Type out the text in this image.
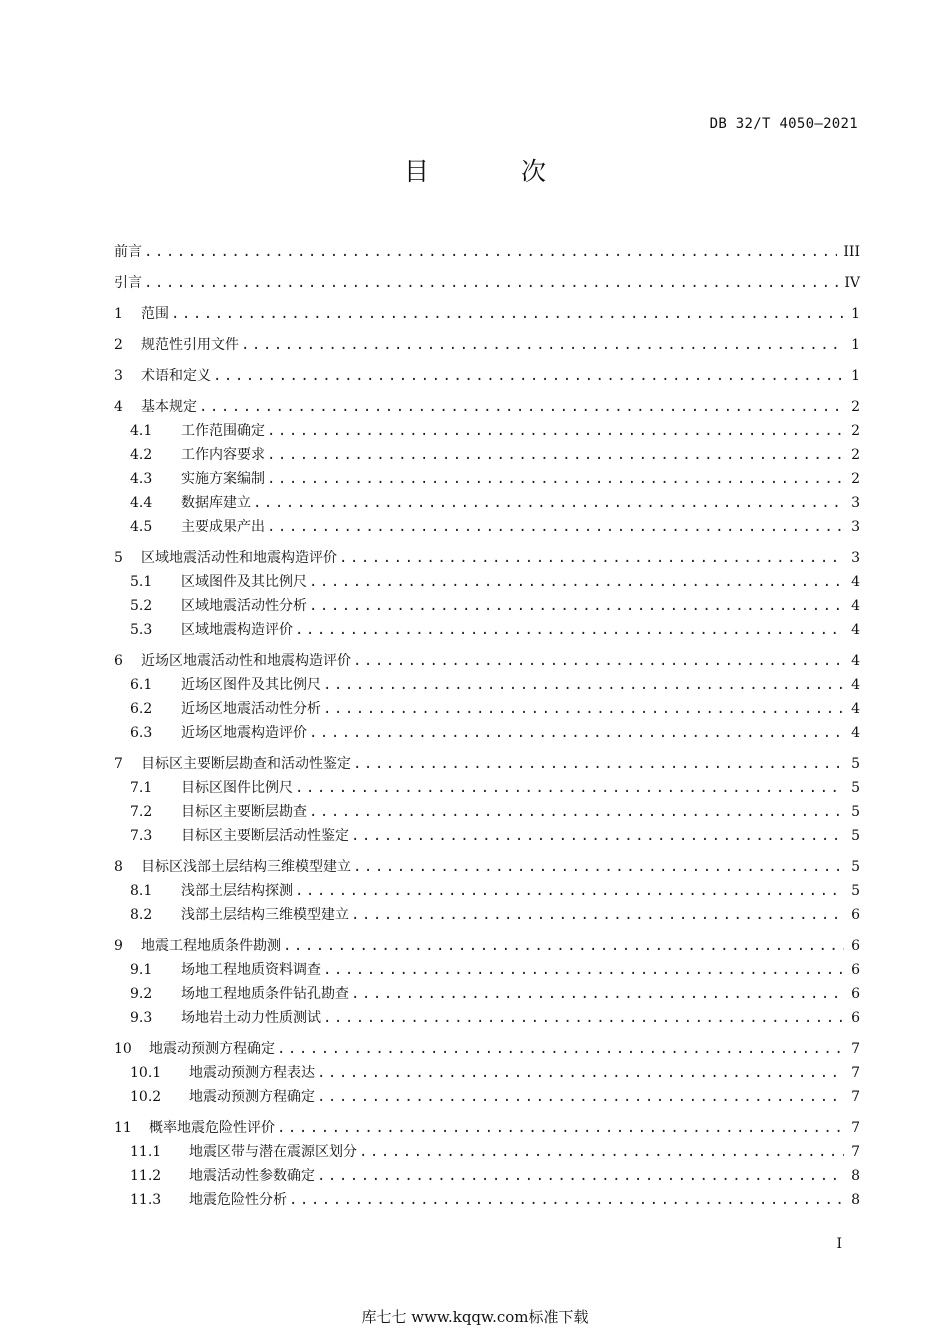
DB 32/T 4050—2021
目 次
前言 .....	III
引言 .....	IV
1	范围 .....	1
2	规范性引用文件 .....	1
3	术语和定义 .....	1
4	基本规定 .....	2
4.1	工作范围确定 .....	2
4.2	工作内容要求 .....	2
4.3	实施方案编制 .....	2
4.4	数据库建立 .....	3
4.5	主要成果产出 .....	3
5	区域地震活动性和地震构造评价 .....	3
5.1	区域图件及其比例尺 .....	4
5.2	区域地震活动性分析 .....	4
5.3	区域地震构造评价 .....	4
6	近场区地震活动性和地震构造评价 .....	4
6.1	近场区图件及其比例尺 .....	4
6.2	近场区地震活动性分析 .....	4
6.3	近场区地震构造评价 .....	4
7	目标区主要断层勘查和活动性鉴定 .....	5
7.1	目标区图件比例尺 .....	5
7.2	目标区主要断层勘查 .....	5
7.3	目标区主要断层活动性鉴定 .....	5
8	目标区浅部土层结构三维模型建立 .....	5
8.1	浅部土层结构探测 .....	5
8.2	浅部土层结构三维模型建立 .....	6
9	地震工程地质条件勘测 .....	6
9.1	场地工程地质资料调查 .....	6
9.2	场地工程地质条件钻孔勘查 .....	6
9.3	场地岩土动力性质测试 .....	6
10	地震动预测方程确定 .....	7
10.1	地震动预测方程表达 .....	7
10.2	地震动预测方程确定 .....	7
11	概率地震危险性评价 .....	7
11.1	地震区带与潜在震源区划分 .....	7
11.2	地震活动性参数确定 .....	8
11.3	地震危险性分析 .....	8
I
库七七 www.kqqw.com标准下载
